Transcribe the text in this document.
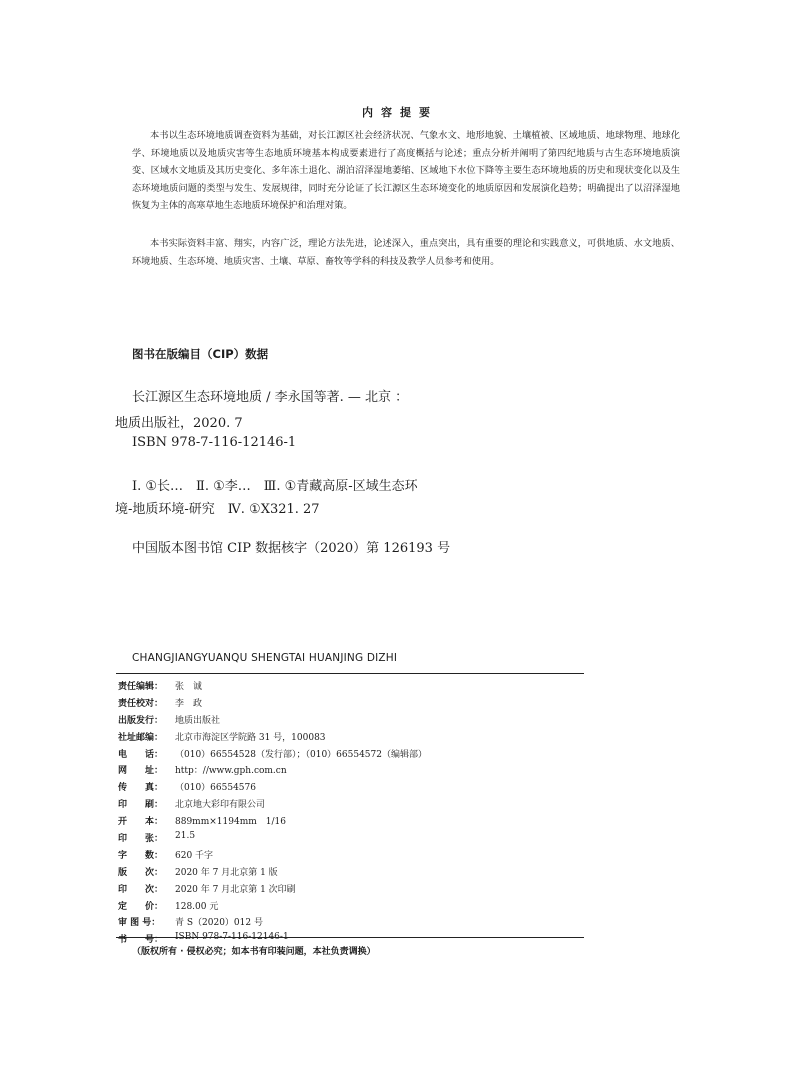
内容提要

本书以生态环境地质调查资料为基础，对长江源区社会经济状况、气象水文、地形地貌、土壤植被、区域地质、地球物理、地球化学、环境地质以及地质灾害等生态地质环境基本构成要素进行了高度概括与论述；重点分析并阐明了第四纪地质与古生态环境地质演变、区域水文地质及其历史变化、多年冻土退化、湖泊沼泽湿地萎缩、区域地下水位下降等主要生态环境地质的历史和现状变化以及生态环境地质问题的类型与发生、发展规律，同时充分论证了长江源区生态环境变化的地质原因和发展演化趋势；明确提出了以沼泽湿地恢复为主体的高寒草地生态地质环境保护和治理对策。

本书实际资料丰富、翔实，内容广泛，理论方法先进，论述深入，重点突出，具有重要的理论和实践意义，可供地质、水文地质、环境地质、生态环境、地质灾害、土壤、草原、畜牧等学科的科技及教学人员参考和使用。

图书在版编目（CIP）数据

长江源区生态环境地质 / 李永国等著. — 北京 ：

地质出版社，2020. 7

ISBN 978-7-116-12146-1

Ⅰ. ①长…　Ⅱ. ①李…　Ⅲ. ①青藏高原-区域生态环

境-地质环境-研究　Ⅳ. ①X321. 27

中国版本图书馆 CIP 数据核字（2020）第 126193 号

CHANGJIANGYUANQU SHENGTAI HUANJING DIZHI

责任编辑：	张　诚
责任校对：	李　政
出版发行：	地质出版社
社址邮编：	北京市海淀区学院路 31 号，100083
电　　话：	（010）66554528（发行部）；（010）66554572（编辑部）
网　　址：	http：//www.gph.com.cn
传　　真：	（010）66554576
印　　刷：	北京地大彩印有限公司
开　　本：	889mm×1194mm　1/16
印　　张：	21.5
字　　数：	620 千字
版　　次：	2020 年 7 月北京第 1 版
印　　次：	2020 年 7 月北京第 1 次印刷
定　　价：	128.00 元
审 图 号：	青 S（2020）012 号
书　　号：	ISBN 978-7-116-12146-1

（版权所有 · 侵权必究；如本书有印装问题，本社负责调换）
